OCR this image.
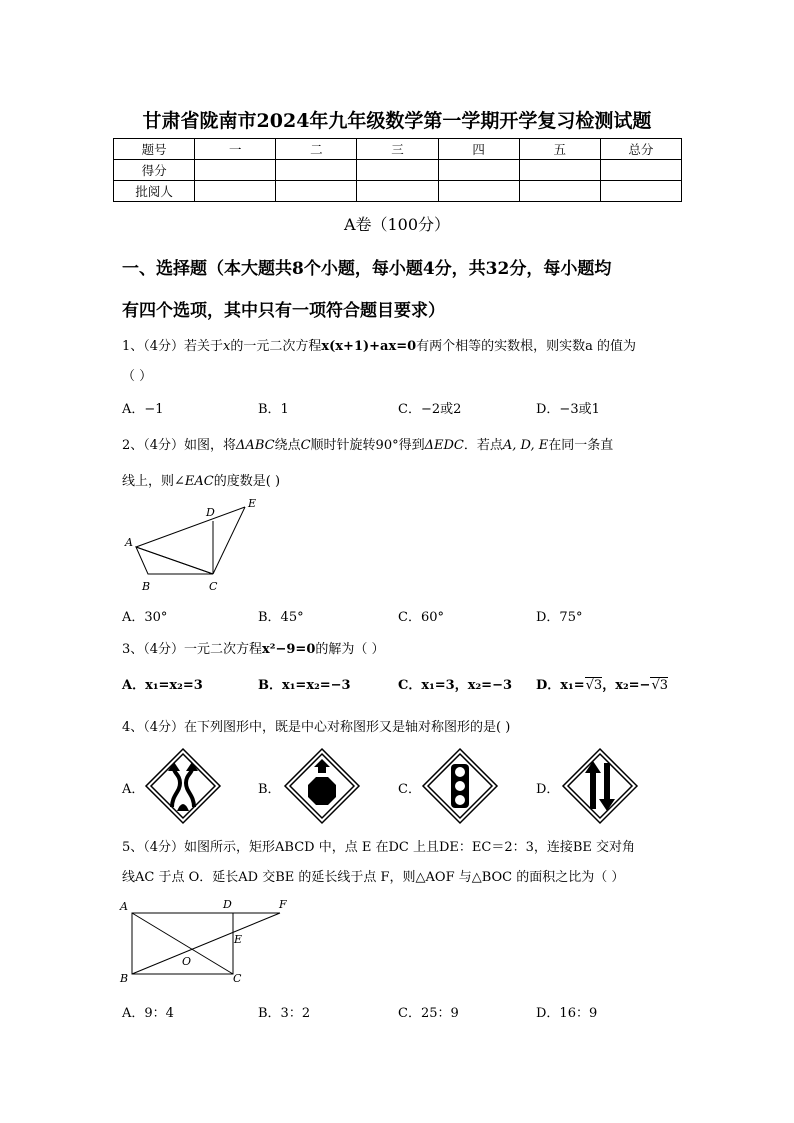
甘肃省陇南市2024年九年级数学第一学期开学复习检测试题
题号	一	二	三	四	五	总分
得分						
批阅人						
A卷（100分）
一、选择题（本大题共8个小题，每小题4分，共32分，每小题均
有四个选项，其中只有一项符合题目要求）
1、（4分）若关于x的一元二次方程x(x+1)+ax=0有两个相等的实数根，则实数a 的值为
（ ）
A．−1	B．1	C．−2或2	D．−3或1
2、（4分）如图，将ΔABC绕点C顺时针旋转90°得到ΔEDC．若点A, D, E在同一条直
线上，则∠EAC的度数是( )
A
B	C
D
E
A．30°	B．45°	C．60°	D．75°
3、（4分）一元二次方程x²−9=0的解为（ ）
A．x₁=x₂=3	B．x₁=x₂=−3	C．x₁=3，x₂=−3 D．x₁=√3，x₂=−√3
4、（4分）在下列图形中，既是中心对称图形又是轴对称图形的是( )
A．	B．	C．	D．
5、（4分）如图所示，矩形ABCD 中，点 E 在DC 上且DE：EC＝2：3，连接BE 交对角
线AC 于点 O．延长AD 交BE 的延长线于点 F，则△AOF 与△BOC 的面积之比为（ ）
A	D	F
E
O
B	C
A．9：4	B．3：2	C．25：9	D．16：9
